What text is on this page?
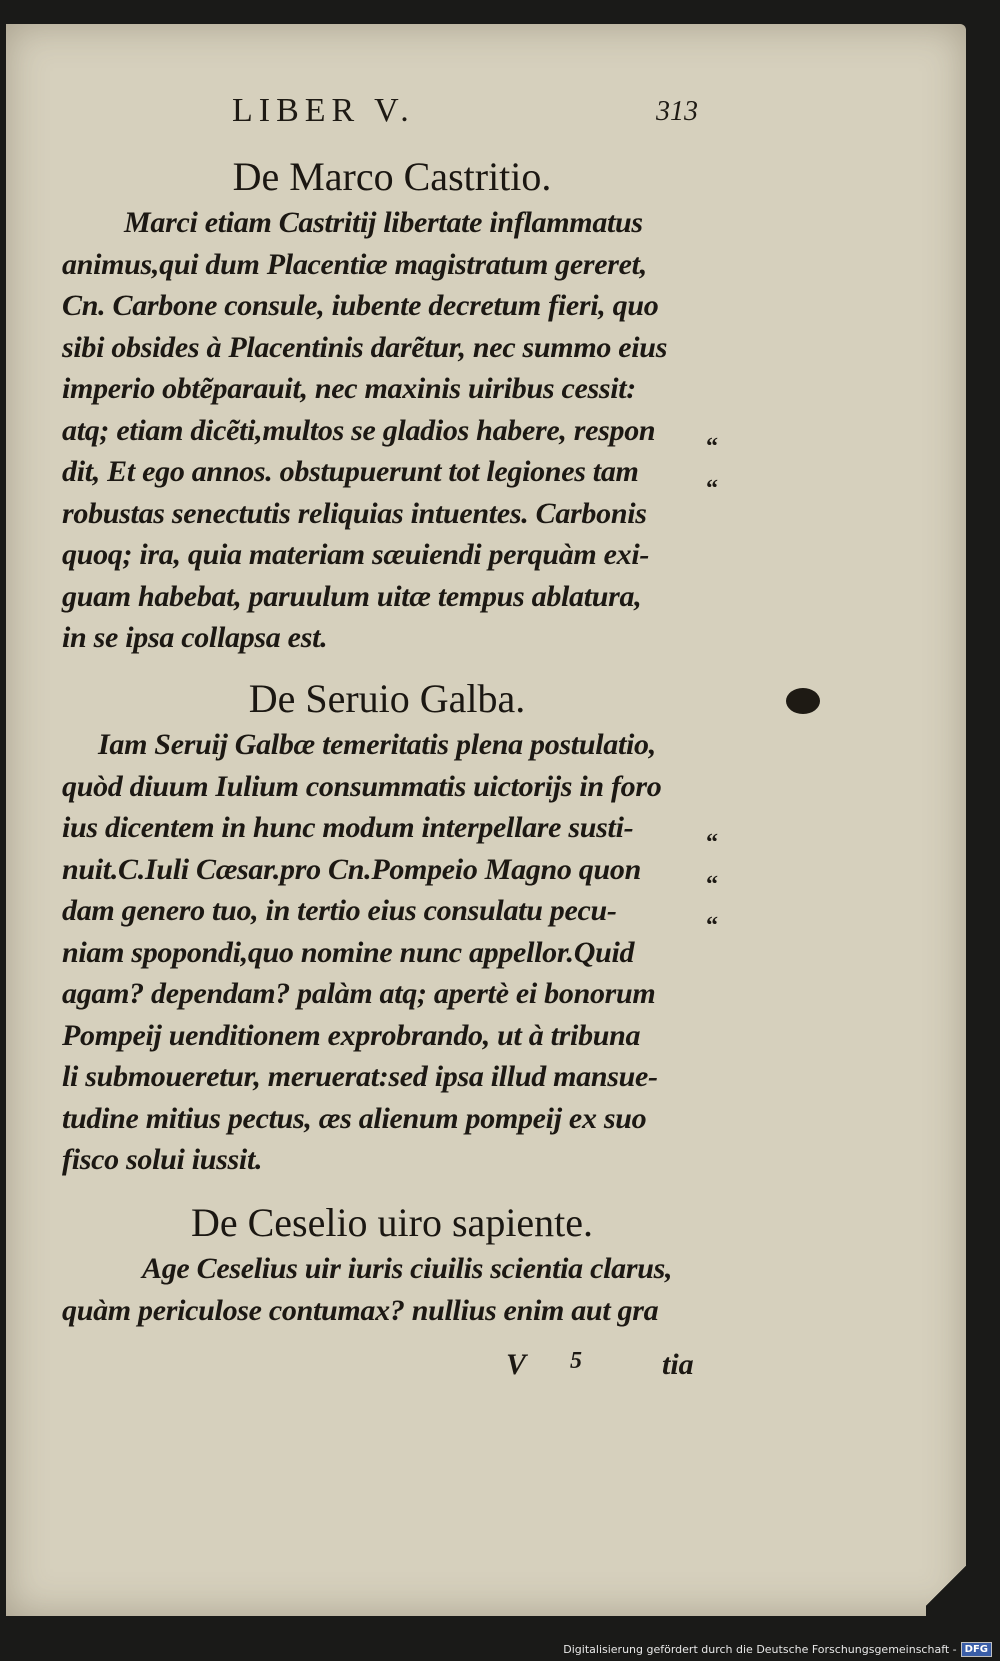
LIBER V.	313

De Marco Castritio.

Marci etiam Castritij libertate inflammatus

animus,qui dum Placentiæ magistratum gereret,

Cn. Carbone consule, iubente decretum fieri, quo

sibi obsides à Placentinis darẽtur, nec summo eius

imperio obtẽparauit, nec maxinis uiribus cessit:

atq; etiam dicẽti,multos se gladios habere, respon

dit, Et ego annos. obstupuerunt tot legiones tam

robustas senectutis reliquias intuentes. Carbonis

quoq; ira, quia materiam sæuiendi perquàm exi-

guam habebat, paruulum uitæ tempus ablatura,

in se ipsa collapsa est.

“
“

De Seruio Galba.

Iam Seruij Galbæ temeritatis plena postulatio,

quòd diuum Iulium consummatis uictorijs in foro

ius dicentem in hunc modum interpellare susti-

nuit.C.Iuli Cæsar.pro Cn.Pompeio Magno quon

dam genero tuo, in tertio eius consulatu pecu-

niam spopondi,quo nomine nunc appellor.Quid

agam? dependam? palàm atq; apertè ei bonorum

Pompeij uenditionem exprobrando, ut à tribuna

li submoueretur, meruerat:sed ipsa illud mansue-

tudine mitius pectus, æs alienum pompeij ex suo

fisco solui iussit.

“
“
“

De Ceselio uiro sapiente.

Age Ceselius uir iuris ciuilis scientia clarus,

quàm periculose contumax? nullius enim aut gra

V 5	tia
Digitalisierung gefördert durch die Deutsche Forschungsgemeinschaft - DFG
